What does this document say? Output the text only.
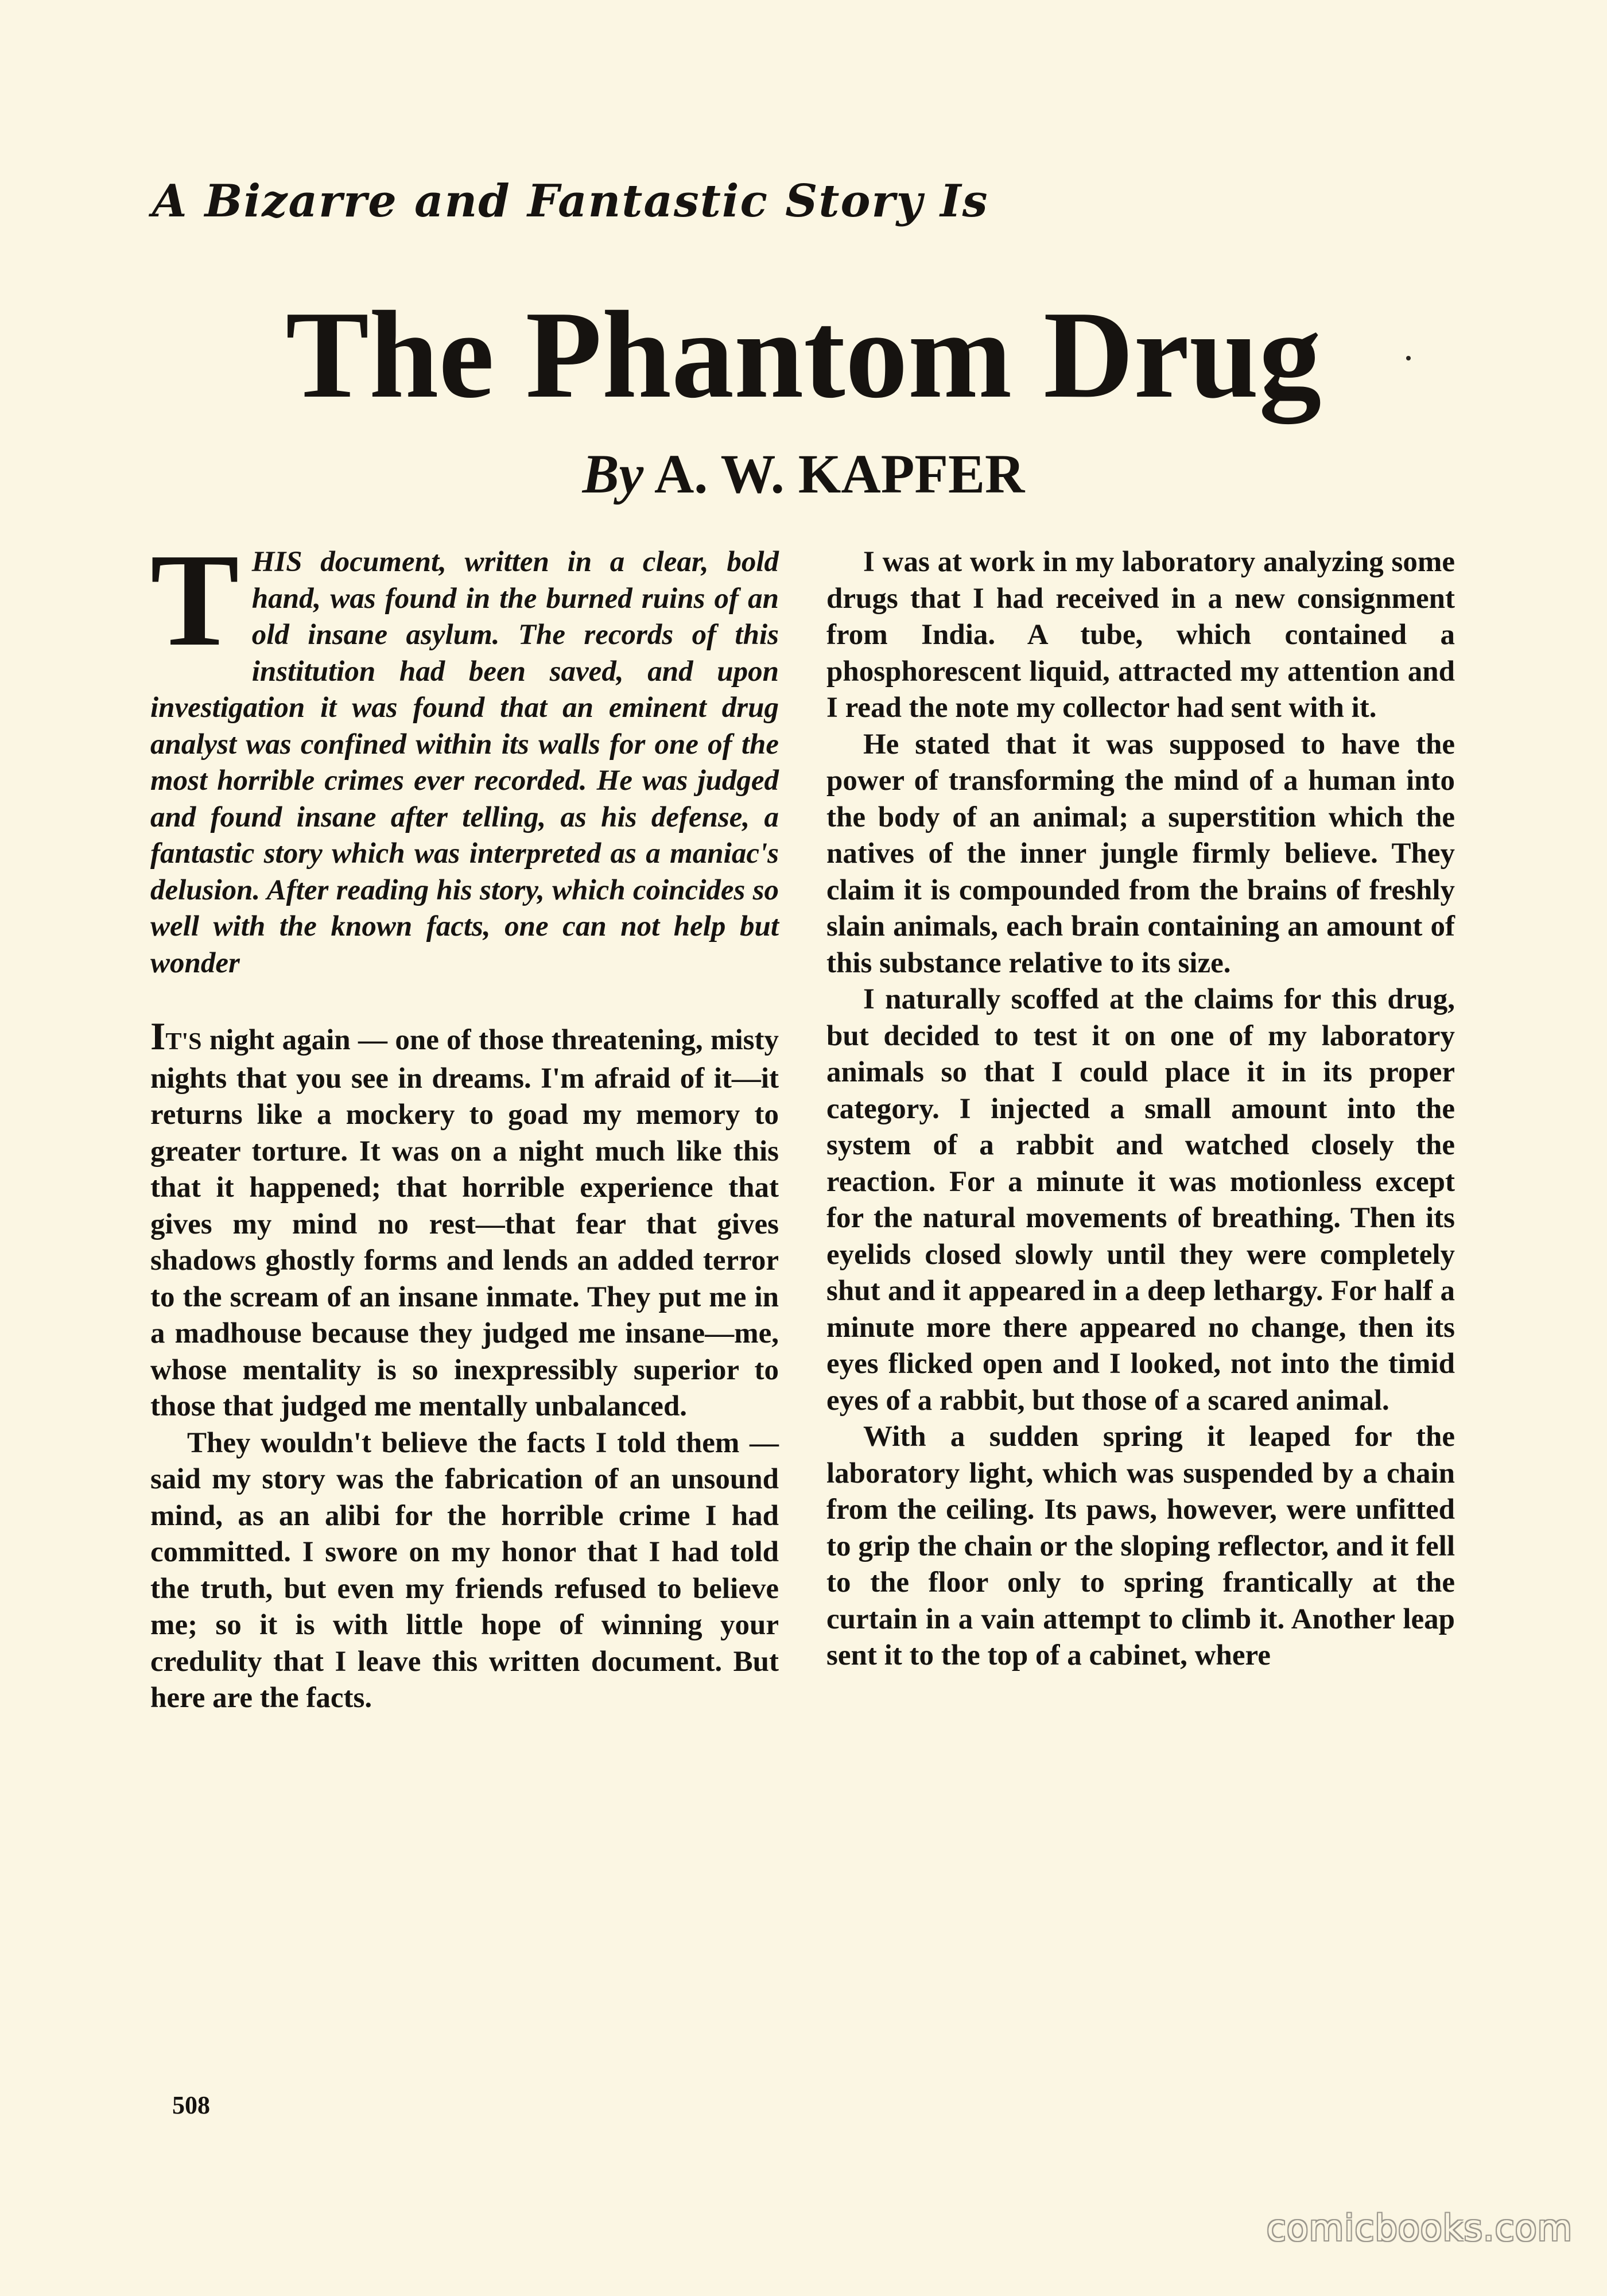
A Bizarre and Fantastic Story Is
The Phantom Drug
By A. W. KAPFER

THIS document, written in a clear, bold hand, was found in the burned ruins of an old insane asylum. The records of this institution had been saved, and upon investigation it was found that an eminent drug analyst was confined within its walls for one of the most horrible crimes ever recorded. He was judged and found insane after telling, as his defense, a fantastic story which was interpreted as a maniac's delusion. After reading his story, which coincides so well with the known facts, one can not help but wonder

IT'S night again — one of those threatening, misty nights that you see in dreams. I'm afraid of it—it returns like a mockery to goad my memory to greater torture. It was on a night much like this that it happened; that horrible experience that gives my mind no rest—that fear that gives shadows ghostly forms and lends an added terror to the scream of an insane inmate. They put me in a madhouse because they judged me insane—me, whose mentality is so inexpressibly superior to those that judged me mentally unbalanced.

They wouldn't believe the facts I told them — said my story was the fabrication of an unsound mind, as an alibi for the horrible crime I had committed. I swore on my honor that I had told the truth, but even my friends refused to believe me; so it is with little hope of winning your credulity that I leave this written document. But here are the facts.

I was at work in my laboratory analyzing some drugs that I had received in a new consignment from India. A tube, which contained a phosphorescent liquid, attracted my attention and I read the note my collector had sent with it.

He stated that it was supposed to have the power of transforming the mind of a human into the body of an animal; a superstition which the natives of the inner jungle firmly believe. They claim it is compounded from the brains of freshly slain animals, each brain containing an amount of this substance relative to its size.

I naturally scoffed at the claims for this drug, but decided to test it on one of my laboratory animals so that I could place it in its proper category. I injected a small amount into the system of a rabbit and watched closely the reaction. For a minute it was motionless except for the natural movements of breathing. Then its eyelids closed slowly until they were completely shut and it appeared in a deep lethargy. For half a minute more there appeared no change, then its eyes flicked open and I looked, not into the timid eyes of a rabbit, but those of a scared animal.

With a sudden spring it leaped for the laboratory light, which was suspended by a chain from the ceiling. Its paws, however, were unfitted to grip the chain or the sloping reflector, and it fell to the floor only to spring frantically at the curtain in a vain attempt to climb it. Another leap sent it to the top of a cabinet, where

508
comicbooks.com
